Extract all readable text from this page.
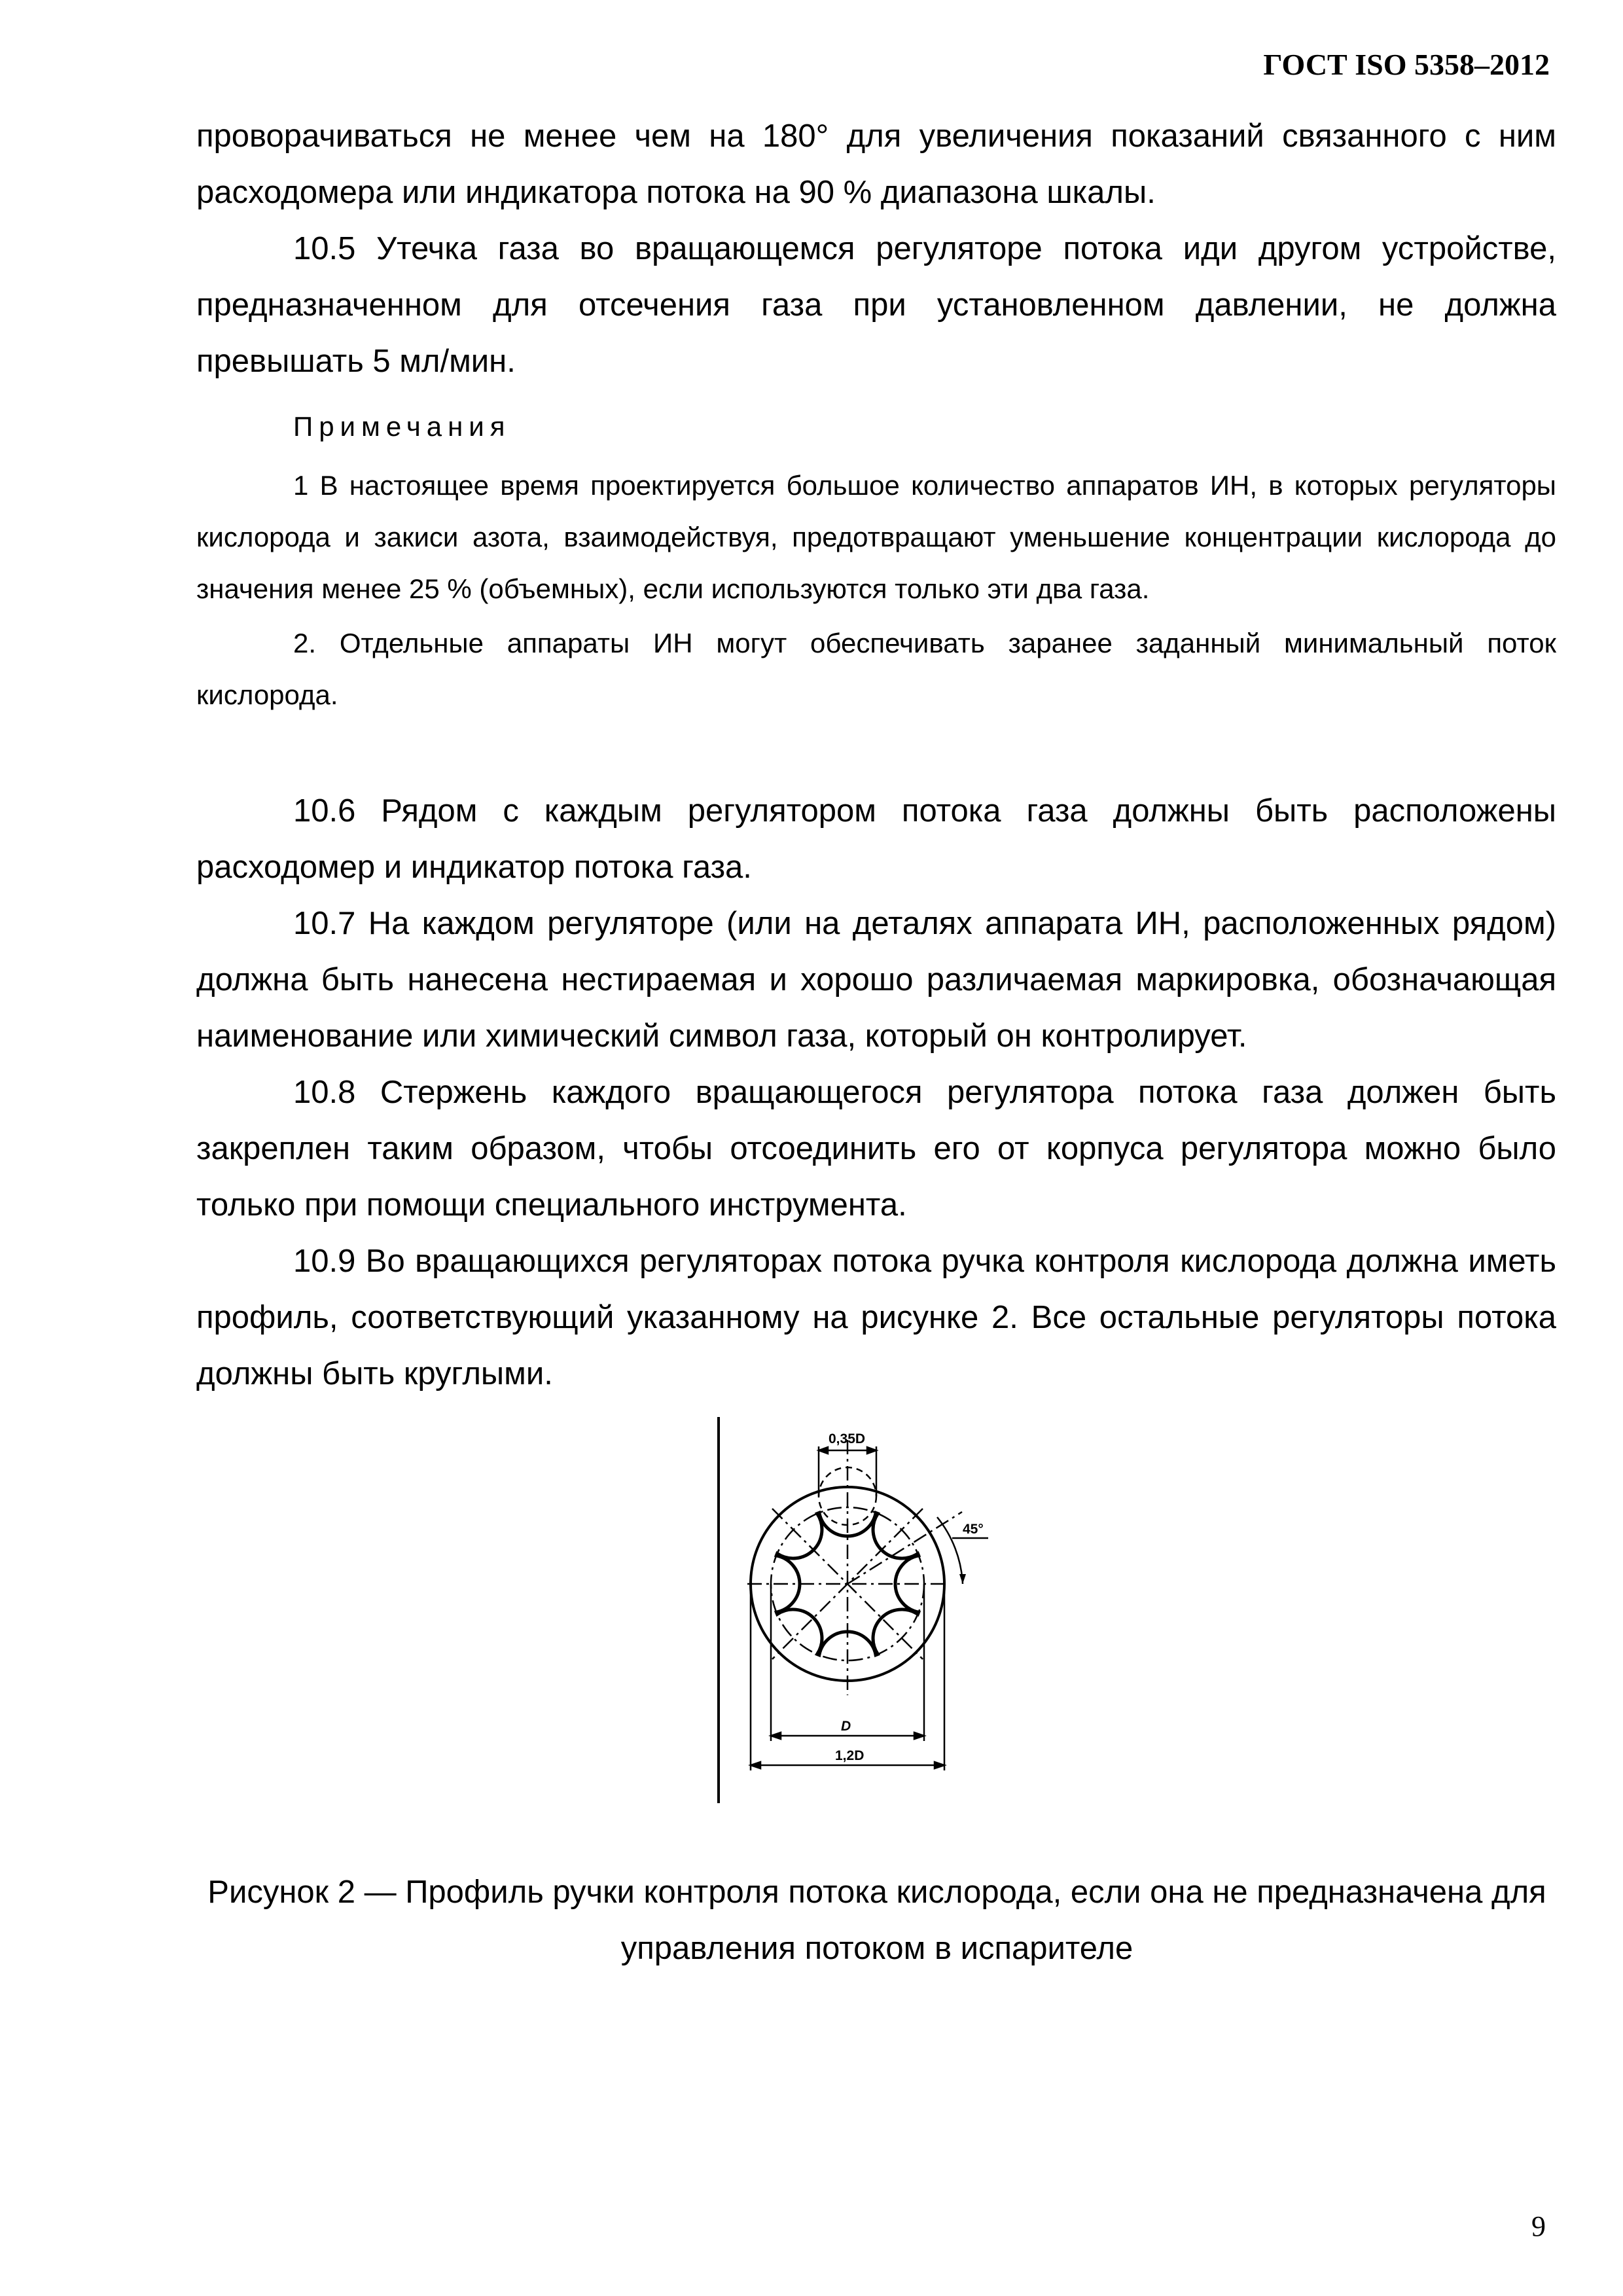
ГОСТ ISO 5358–2012

проворачиваться не менее чем на 180° для увеличения показаний связанного с ним расходомера или индикатора потока на 90 % диапазона шкалы.

10.5 Утечка газа во вращающемся регуляторе потока иди другом устройстве, предназначенном для отсечения газа при установленном давлении, не должна превышать 5 мл/мин.

Примечания

1 В настоящее время проектируется большое количество аппаратов ИН, в которых регуляторы кислорода и закиси азота, взаимодействуя, предотвращают уменьшение концентрации кислорода до значения менее 25 % (объемных), если используются только эти два газа.

2. Отдельные аппараты ИН могут обеспечивать заранее заданный минимальный поток кислорода.

10.6 Рядом с каждым регулятором потока газа должны быть расположены расходомер и индикатор потока газа.

10.7 На каждом регуляторе (или на деталях аппарата ИН, расположенных рядом) должна быть нанесена нестираемая и хорошо различаемая маркировка, обозначающая наименование или химический символ газа, который он контролирует.

10.8 Стержень каждого вращающегося регулятора потока газа должен быть закреплен таким образом, чтобы отсоединить его от корпуса регулятора можно было только при помощи специального инструмента.

10.9 Во вращающихся регуляторах потока ручка контроля кислорода должна иметь профиль, соответствующий указанному на рисунке 2. Все остальные регуляторы потока должны быть круглыми.

0,35D
45°
D
1,2D
Рисунок 2 — Профиль ручки контроля потока кислорода, если она не предназначена для управления потоком в испарителе
9
